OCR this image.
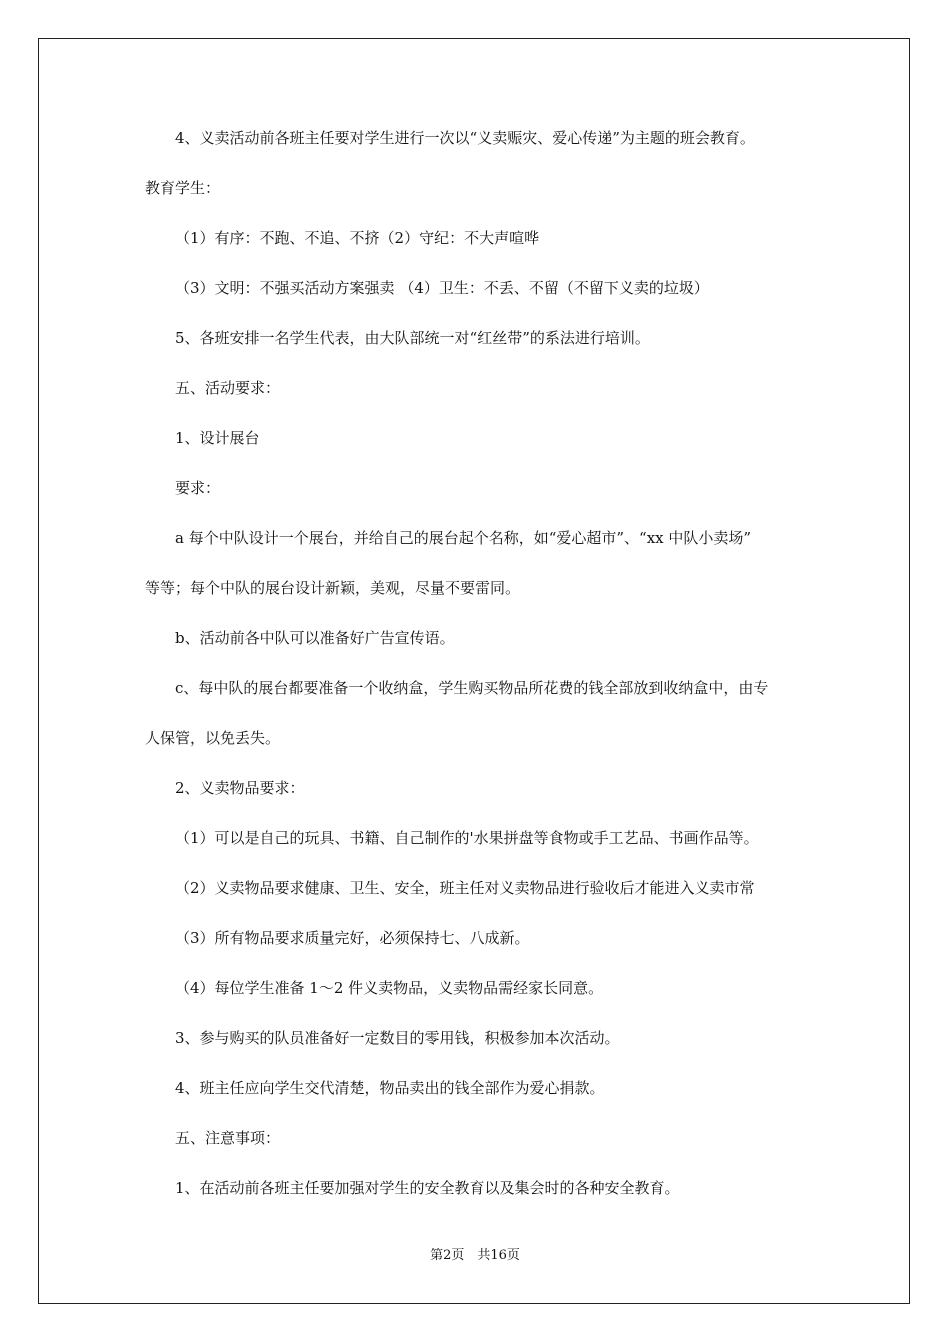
4、义卖活动前各班主任要对学生进行一次以“义卖赈灾、爱心传递”为主题的班会教育。
教育学生：
（1）有序：不跑、不追、不挤（2）守纪：不大声喧哗
（3）文明：不强买活动方案强卖 （4）卫生：不丢、不留（不留下义卖的垃圾）
5、各班安排一名学生代表，由大队部统一对“红丝带”的系法进行培训。
五、活动要求：
1、设计展台
要求：
a 每个中队设计一个展台，并给自己的展台起个名称，如“爱心超市”、“xx 中队小卖场”
等等；每个中队的展台设计新颖，美观，尽量不要雷同。
b、活动前各中队可以准备好广告宣传语。
c、每中队的展台都要准备一个收纳盒，学生购买物品所花费的钱全部放到收纳盒中，由专
人保管，以免丢失。
2、义卖物品要求：
（1）可以是自己的玩具、书籍、自己制作的'水果拼盘等食物或手工艺品、书画作品等。
（2）义卖物品要求健康、卫生、安全，班主任对义卖物品进行验收后才能进入义卖市常
（3）所有物品要求质量完好，必须保持七、八成新。
（4）每位学生准备 1～2 件义卖物品，义卖物品需经家长同意。
3、参与购买的队员准备好一定数目的零用钱，积极参加本次活动。
4、班主任应向学生交代清楚，物品卖出的钱全部作为爱心捐款。
五、注意事项：
1、在活动前各班主任要加强对学生的安全教育以及集会时的各种安全教育。
第2页　共16页
